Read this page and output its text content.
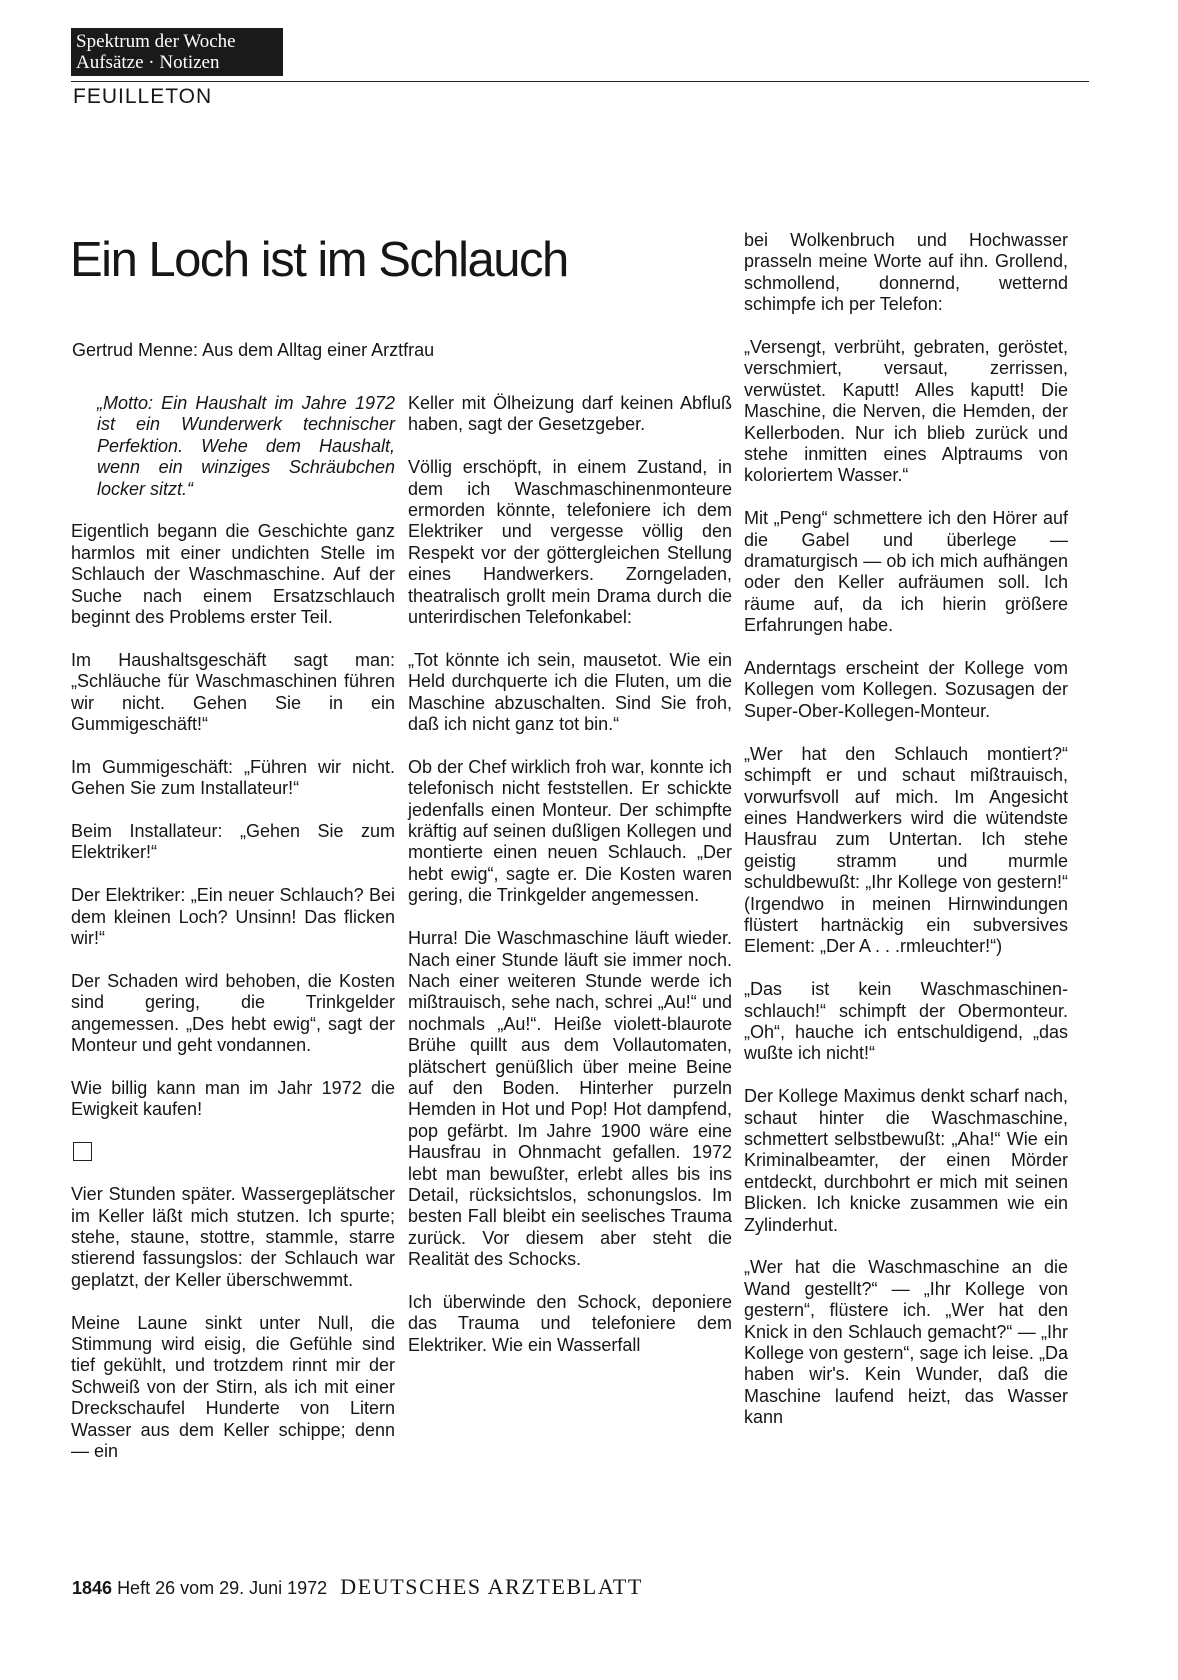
Spektrum der Woche
Aufsätze · Notizen
FEUILLETON
Ein Loch ist im Schlauch
Gertrud Menne: Aus dem Alltag einer Arztfrau

„Motto: Ein Haushalt im Jahre 1972 ist ein Wunderwerk technischer Perfektion. Wehe dem Haushalt, wenn ein winziges Schräubchen locker sitzt.“

Eigentlich begann die Geschichte ganz harmlos mit einer undichten Stelle im Schlauch der Waschmaschine. Auf der Suche nach einem Ersatzschlauch beginnt des Problems erster Teil.

Im Haushaltsgeschäft sagt man: „Schläuche für Waschmaschinen führen wir nicht. Gehen Sie in ein Gummigeschäft!“

Im Gummigeschäft: „Führen wir nicht. Gehen Sie zum Installateur!“

Beim Installateur: „Gehen Sie zum Elektriker!“

Der Elektriker: „Ein neuer Schlauch? Bei dem kleinen Loch? Unsinn! Das flicken wir!“

Der Schaden wird behoben, die Kosten sind gering, die Trinkgelder angemessen. „Des hebt ewig“, sagt der Monteur und geht vondannen.

Wie billig kann man im Jahr 1972 die Ewigkeit kaufen!

Vier Stunden später. Wassergeplätscher im Keller läßt mich stutzen. Ich spurte; stehe, staune, stottre, stammle, starre stierend fassungslos: der Schlauch war geplatzt, der Keller überschwemmt.

Meine Laune sinkt unter Null, die Stimmung wird eisig, die Gefühle sind tief gekühlt, und trotzdem rinnt mir der Schweiß von der Stirn, als ich mit einer Dreckschaufel Hunderte von Litern Wasser aus dem Keller schippe; denn — ein

Keller mit Ölheizung darf keinen Abfluß haben, sagt der Gesetzgeber.

Völlig erschöpft, in einem Zustand, in dem ich Waschmaschinenmonteure ermorden könnte, telefoniere ich dem Elektriker und vergesse völlig den Respekt vor der göttergleichen Stellung eines Handwerkers. Zorngeladen, theatralisch grollt mein Drama durch die unterirdischen Telefonkabel:

„Tot könnte ich sein, mausetot. Wie ein Held durchquerte ich die Fluten, um die Maschine abzuschalten. Sind Sie froh, daß ich nicht ganz tot bin.“

Ob der Chef wirklich froh war, konnte ich telefonisch nicht feststellen. Er schickte jedenfalls einen Monteur. Der schimpfte kräftig auf seinen dußligen Kollegen und montierte einen neuen Schlauch. „Der hebt ewig“, sagte er. Die Kosten waren gering, die Trinkgelder angemessen.

Hurra! Die Waschmaschine läuft wieder. Nach einer Stunde läuft sie immer noch. Nach einer weiteren Stunde werde ich mißtrauisch, sehe nach, schrei „Au!“ und nochmals „Au!“. Heiße violett-blaurote Brühe quillt aus dem Vollautomaten, plätschert genüßlich über meine Beine auf den Boden. Hinterher purzeln Hemden in Hot und Pop! Hot dampfend, pop gefärbt. Im Jahre 1900 wäre eine Hausfrau in Ohnmacht gefallen. 1972 lebt man bewußter, erlebt alles bis ins Detail, rücksichtslos, schonungslos. Im besten Fall bleibt ein seelisches Trauma zurück. Vor diesem aber steht die Realität des Schocks.

Ich überwinde den Schock, deponiere das Trauma und telefoniere dem Elektriker. Wie ein Wasserfall

bei Wolkenbruch und Hochwasser prasseln meine Worte auf ihn. Grollend, schmollend, donnernd, wetternd schimpfe ich per Telefon:

„Versengt, verbrüht, gebraten, geröstet, verschmiert, versaut, zerrissen, verwüstet. Kaputt! Alles kaputt! Die Maschine, die Nerven, die Hemden, der Kellerboden. Nur ich blieb zurück und stehe inmitten eines Alptraums von koloriertem Wasser.“

Mit „Peng“ schmettere ich den Hörer auf die Gabel und überlege — dramaturgisch — ob ich mich aufhängen oder den Keller aufräumen soll. Ich räume auf, da ich hierin größere Erfahrungen habe.

Anderntags erscheint der Kollege vom Kollegen vom Kollegen. Sozusagen der Super-Ober-Kollegen-Monteur.

„Wer hat den Schlauch montiert?“ schimpft er und schaut mißtrauisch, vorwurfsvoll auf mich. Im Angesicht eines Handwerkers wird die wütendste Hausfrau zum Untertan. Ich stehe geistig stramm und murmle schuldbewußt: „Ihr Kollege von gestern!“ (Irgendwo in meinen Hirnwindungen flüstert hartnäckig ein subversives Element: „Der A . . .rmleuchter!“)

„Das ist kein Waschmaschinenschlauch!“ schimpft der Obermonteur. „Oh“, hauche ich entschuldigend, „das wußte ich nicht!“

Der Kollege Maximus denkt scharf nach, schaut hinter die Waschmaschine, schmettert selbstbewußt: „Aha!“ Wie ein Kriminalbeamter, der einen Mörder entdeckt, durchbohrt er mich mit seinen Blicken. Ich knicke zusammen wie ein Zylinderhut.

„Wer hat die Waschmaschine an die Wand gestellt?“ — „Ihr Kollege von gestern“, flüstere ich. „Wer hat den Knick in den Schlauch gemacht?“ — „Ihr Kollege von gestern“, sage ich leise. „Da haben wir's. Kein Wunder, daß die Maschine laufend heizt, das Wasser kann

1846 Heft 26 vom 29. Juni 1972 DEUTSCHES ARZTEBLATT
